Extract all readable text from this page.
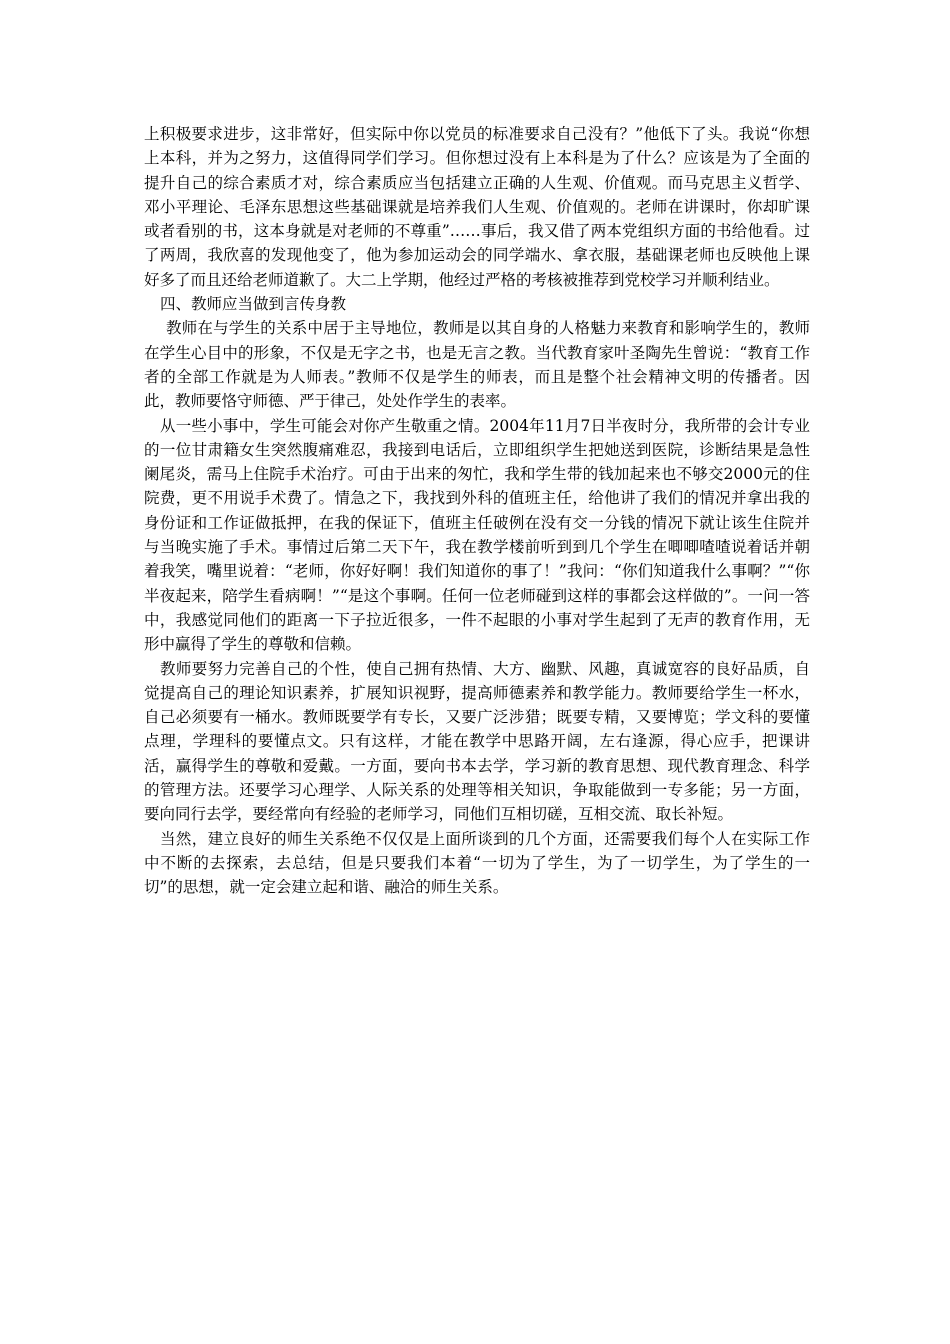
上积极要求进步，这非常好，但实际中你以党员的标准要求自己没有？”他低下了头。我说“你想上本科，并为之努力，这值得同学们学习。但你想过没有上本科是为了什么？应该是为了全面的提升自己的综合素质才对，综合素质应当包括建立正确的人生观、价值观。而马克思主义哲学、邓小平理论、毛泽东思想这些基础课就是培养我们人生观、价值观的。老师在讲课时，你却旷课或者看别的书，这本身就是对老师的不尊重”……事后，我又借了两本党组织方面的书给他看。过了两周，我欣喜的发现他变了，他为参加运动会的同学端水、拿衣服，基础课老师也反映他上课好多了而且还给老师道歉了。大二上学期，他经过严格的考核被推荐到党校学习并顺利结业。

四、教师应当做到言传身教

教师在与学生的关系中居于主导地位，教师是以其自身的人格魅力来教育和影响学生的，教师在学生心目中的形象，不仅是无字之书，也是无言之教。当代教育家叶圣陶先生曾说：“教育工作者的全部工作就是为人师表。”教师不仅是学生的师表，而且是整个社会精神文明的传播者。因此，教师要恪守师德、严于律己，处处作学生的表率。

从一些小事中，学生可能会对你产生敬重之情。2004年11月7日半夜时分，我所带的会计专业的一位甘肃籍女生突然腹痛难忍，我接到电话后，立即组织学生把她送到医院，诊断结果是急性阑尾炎，需马上住院手术治疗。可由于出来的匆忙，我和学生带的钱加起来也不够交2000元的住院费，更不用说手术费了。情急之下，我找到外科的值班主任，给他讲了我们的情况并拿出我的身份证和工作证做抵押，在我的保证下，值班主任破例在没有交一分钱的情况下就让该生住院并与当晚实施了手术。事情过后第二天下午，我在教学楼前听到到几个学生在唧唧喳喳说着话并朝着我笑，嘴里说着：“老师，你好好啊！我们知道你的事了！”我问：“你们知道我什么事啊？”“你半夜起来，陪学生看病啊！”“是这个事啊。任何一位老师碰到这样的事都会这样做的”。一问一答中，我感觉同他们的距离一下子拉近很多，一件不起眼的小事对学生起到了无声的教育作用，无形中赢得了学生的尊敬和信赖。

教师要努力完善自己的个性，使自己拥有热情、大方、幽默、风趣，真诚宽容的良好品质，自觉提高自己的理论知识素养，扩展知识视野，提高师德素养和教学能力。教师要给学生一杯水，自己必须要有一桶水。教师既要学有专长，又要广泛涉猎；既要专精，又要博览；学文科的要懂点理，学理科的要懂点文。只有这样，才能在教学中思路开阔，左右逢源，得心应手，把课讲活，赢得学生的尊敬和爱戴。一方面，要向书本去学，学习新的教育思想、现代教育理念、科学的管理方法。还要学习心理学、人际关系的处理等相关知识，争取能做到一专多能；另一方面，要向同行去学，要经常向有经验的老师学习，同他们互相切磋，互相交流、取长补短。

当然，建立良好的师生关系绝不仅仅是上面所谈到的几个方面，还需要我们每个人在实际工作中不断的去探索，去总结，但是只要我们本着“一切为了学生，为了一切学生，为了学生的一切”的思想，就一定会建立起和谐、融洽的师生关系。
